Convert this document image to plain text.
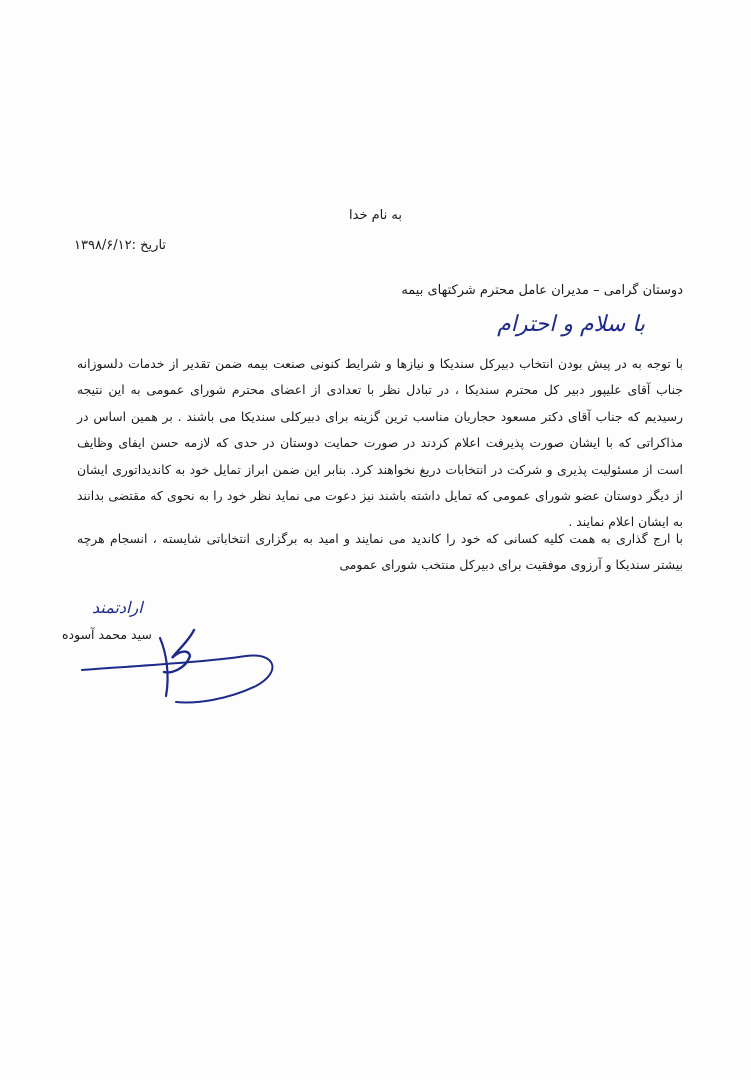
به نام خدا
تاریخ :۱۳۹۸/۶/۱۲
دوستان گرامی – مدیران عامل محترم شرکتهای بیمه
با سلام و احترام

با توجه به در پیش بودن انتخاب دبیرکل سندیکا و نیازها و شرایط کنونی صنعت بیمه ضمن تقدیر از خدمات دلسوزانه جناب آقای علیپور دبیر کل محترم سندیکا ، در تبادل نظر با تعدادی از اعضای محترم شورای عمومی به این نتیجه رسیدیم که جناب آقای دکتر مسعود حجاریان مناسب ترین گزینه برای دبیرکلی سندیکا می باشند . بر همین اساس در مذاکراتی که با ایشان صورت پذیرفت اعلام کردند در صورت حمایت دوستان در حدی که لازمه حسن ایفای وظایف است از مسئولیت پذیری و شرکت در انتخابات دریغ نخواهند کرد. بنابر این ضمن ابراز تمایل خود به کاندیداتوری ایشان از دیگر دوستان عضو شورای عمومی که تمایل داشته باشند نیز دعوت می نماید نظر خود را به نحوی که مقتضی بدانند به ایشان اعلام نمایند .

با ارج گذاری به همت کلیه کسانی که خود را کاندید می نمایند و امید به برگزاری انتخاباتی شایسته ، انسجام هرچه بیشتر سندیکا و آرزوی موفقیت برای دبیرکل منتخب شورای عمومی

ارادتمند
سید محمد آسوده
